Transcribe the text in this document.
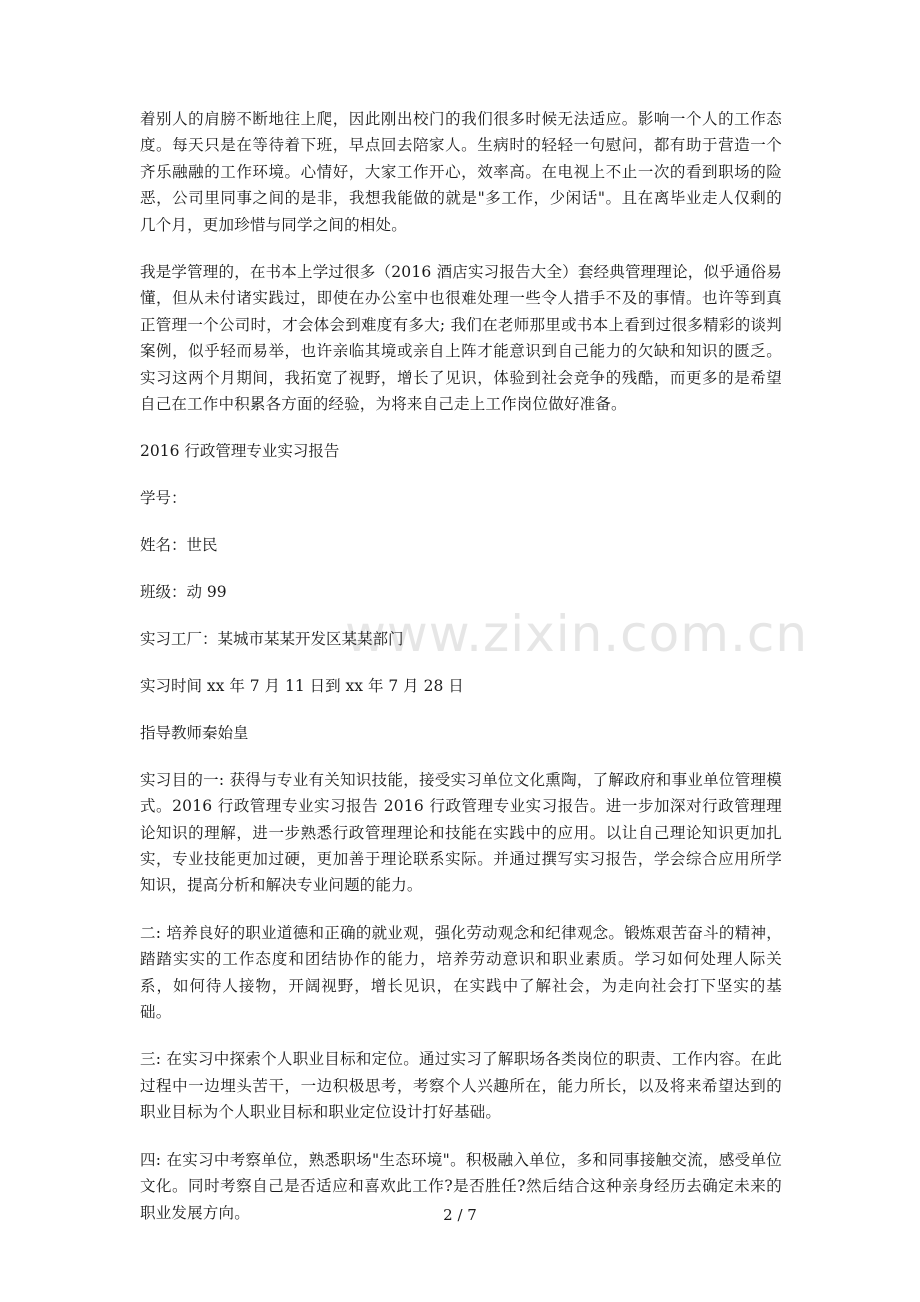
www.zixin.com.cn

着别人的肩膀不断地往上爬，因此刚出校门的我们很多时候无法适应。影响一个人的工作态度。每天只是在等待着下班，早点回去陪家人。生病时的轻轻一句慰问，都有助于营造一个齐乐融融的工作环境。心情好，大家工作开心，效率高。在电视上不止一次的看到职场的险恶，公司里同事之间的是非，我想我能做的就是"多工作，少闲话"。且在离毕业走人仅剩的几个月，更加珍惜与同学之间的相处。

我是学管理的，在书本上学过很多（2016 酒店实习报告大全）套经典管理理论，似乎通俗易懂，但从未付诸实践过，即使在办公室中也很难处理一些令人措手不及的事情。也许等到真正管理一个公司时，才会体会到难度有多大; 我们在老师那里或书本上看到过很多精彩的谈判案例，似乎轻而易举，也许亲临其境或亲自上阵才能意识到自己能力的欠缺和知识的匮乏。实习这两个月期间，我拓宽了视野，增长了见识，体验到社会竞争的残酷，而更多的是希望自己在工作中积累各方面的经验，为将来自己走上工作岗位做好准备。

2016 行政管理专业实习报告

学号：

姓名：世民

班级：动 99

实习工厂：某城市某某开发区某某部门

实习时间 xx 年 7 月 11 日到 xx 年 7 月 28 日

指导教师秦始皇

实习目的一: 获得与专业有关知识技能，接受实习单位文化熏陶，了解政府和事业单位管理模式。2016 行政管理专业实习报告 2016 行政管理专业实习报告。进一步加深对行政管理理论知识的理解，进一步熟悉行政管理理论和技能在实践中的应用。以让自己理论知识更加扎实，专业技能更加过硬，更加善于理论联系实际。并通过撰写实习报告，学会综合应用所学知识，提高分析和解决专业问题的能力。

二: 培养良好的职业道德和正确的就业观，强化劳动观念和纪律观念。锻炼艰苦奋斗的精神，踏踏实实的工作态度和团结协作的能力，培养劳动意识和职业素质。学习如何处理人际关系，如何待人接物，开阔视野，增长见识，在实践中了解社会，为走向社会打下坚实的基础。

三: 在实习中探索个人职业目标和定位。通过实习了解职场各类岗位的职责、工作内容。在此过程中一边埋头苦干，一边积极思考，考察个人兴趣所在，能力所长，以及将来希望达到的职业目标为个人职业目标和职业定位设计打好基础。

四: 在实习中考察单位，熟悉职场"生态环境"。积极融入单位，多和同事接触交流，感受单位文化。同时考察自己是否适应和喜欢此工作?是否胜任?然后结合这种亲身经历去确定未来的职业发展方向。	2 / 7
